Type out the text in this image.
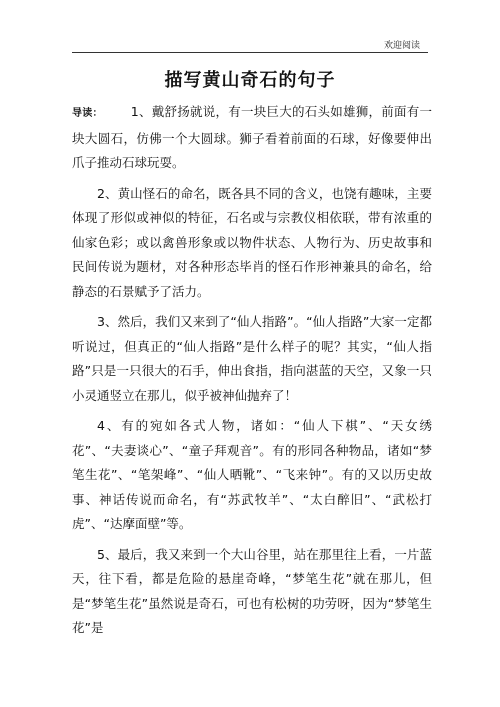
欢迎阅读
描写黄山奇石的句子

导读： 1、戴舒扬就说，有一块巨大的石头如雄狮，前面有一块大圆石，仿佛一个大圆球。狮子看着前面的石球，好像要伸出爪子推动石球玩耍。

2、黄山怪石的命名，既各具不同的含义，也饶有趣味，主要体现了形似或神似的特征，石名或与宗教仪相依联，带有浓重的仙家色彩；或以禽兽形象或以物件状态、人物行为、历史故事和民间传说为题材，对各种形态毕肖的怪石作形神兼具的命名，给静态的石景赋予了活力。

3、然后，我们又来到了“仙人指路”。“仙人指路”大家一定都听说过，但真正的“仙人指路”是什么样子的呢？其实，“仙人指路”只是一只很大的石手，伸出食指，指向湛蓝的天空，又象一只小灵通竖立在那儿，似乎被神仙抛弃了！

4、有的宛如各式人物，诸如：“仙人下棋”、“天女绣花”、“夫妻谈心”、“童子拜观音”。有的形同各种物品，诸如“梦笔生花”、“笔架峰”、“仙人晒靴”、“飞来钟”。有的又以历史故事、神话传说而命名，有“苏武牧羊”、“太白醉旧”、“武松打虎”、“达摩面壁”等。

5、最后，我又来到一个大山谷里，站在那里往上看，一片蓝天，往下看，都是危险的悬崖奇峰，“梦笔生花”就在那儿，但是“梦笔生花”虽然说是奇石，可也有松树的功劳呀，因为“梦笔生花”是
